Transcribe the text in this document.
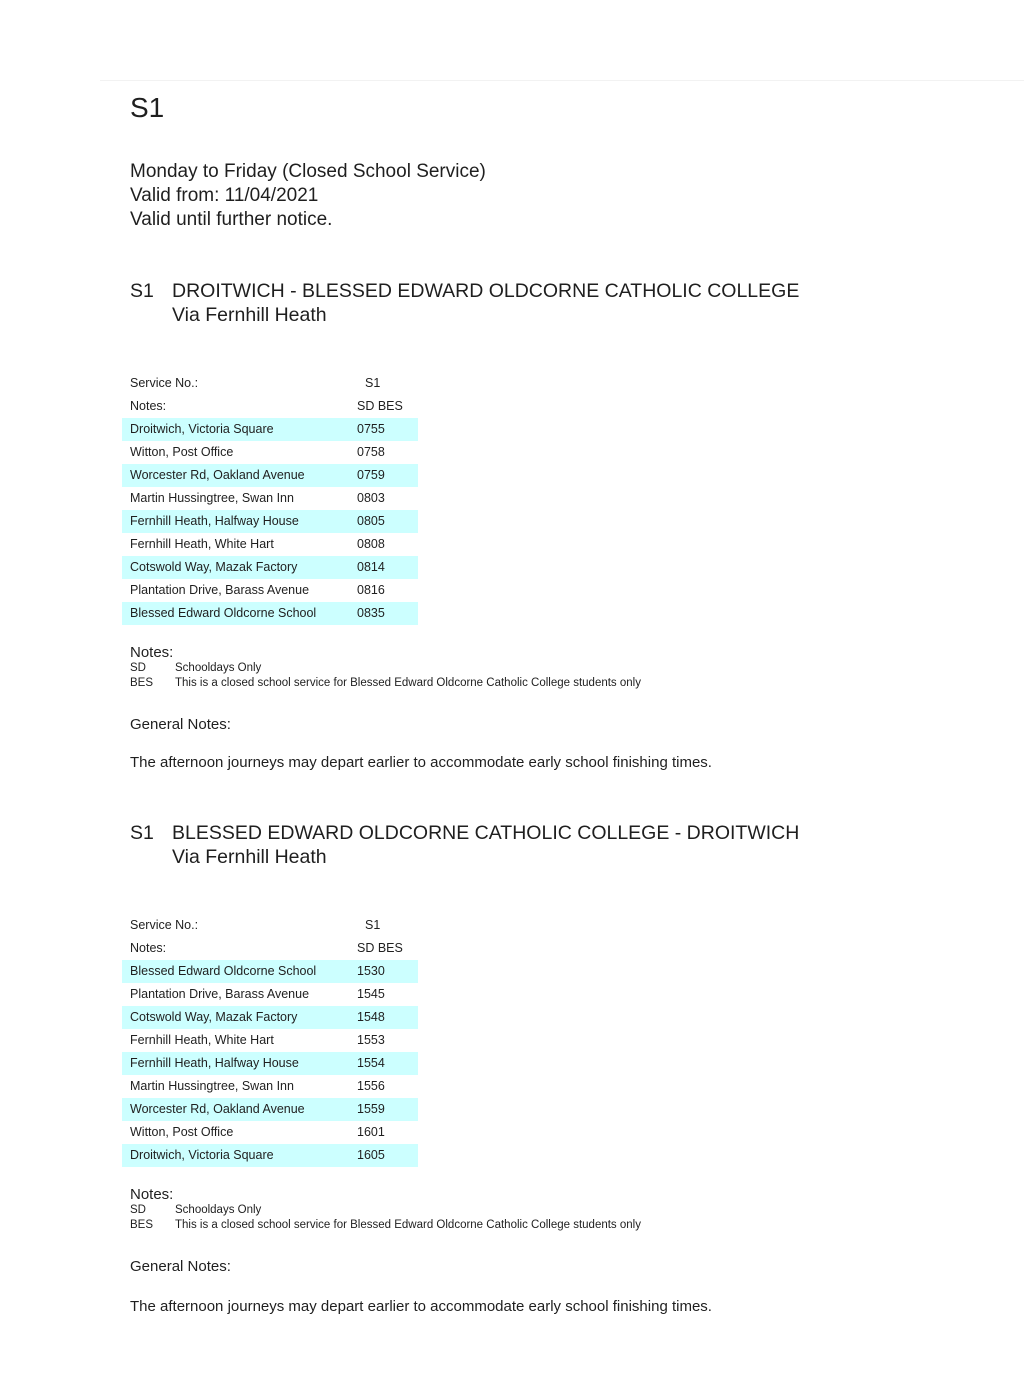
S1
Monday to Friday (Closed School Service)
Valid from: 11/04/2021
Valid until further notice.
S1 DROITWICH - BLESSED EDWARD OLDCORNE CATHOLIC COLLEGE
Via Fernhill Heath
Service No.:	S1
Notes:	SD BES
Droitwich, Victoria Square	0755
Witton, Post Office	0758
Worcester Rd, Oakland Avenue	0759
Martin Hussingtree, Swan Inn	0803
Fernhill Heath, Halfway House	0805
Fernhill Heath, White Hart	0808
Cotswold Way, Mazak Factory	0814
Plantation Drive, Barass Avenue	0816
Blessed Edward Oldcorne School	0835
Notes:
SD	Schooldays Only
BES This is a closed school service for Blessed Edward Oldcorne Catholic College students only
General Notes:
The afternoon journeys may depart earlier to accommodate early school finishing times.
S1 BLESSED EDWARD OLDCORNE CATHOLIC COLLEGE - DROITWICH
Via Fernhill Heath
Service No.:	S1
Notes:	SD BES
Blessed Edward Oldcorne School	1530
Plantation Drive, Barass Avenue	1545
Cotswold Way, Mazak Factory	1548
Fernhill Heath, White Hart	1553
Fernhill Heath, Halfway House	1554
Martin Hussingtree, Swan Inn	1556
Worcester Rd, Oakland Avenue	1559
Witton, Post Office	1601
Droitwich, Victoria Square	1605
Notes:
SD	Schooldays Only
BES This is a closed school service for Blessed Edward Oldcorne Catholic College students only
General Notes:
The afternoon journeys may depart earlier to accommodate early school finishing times.
